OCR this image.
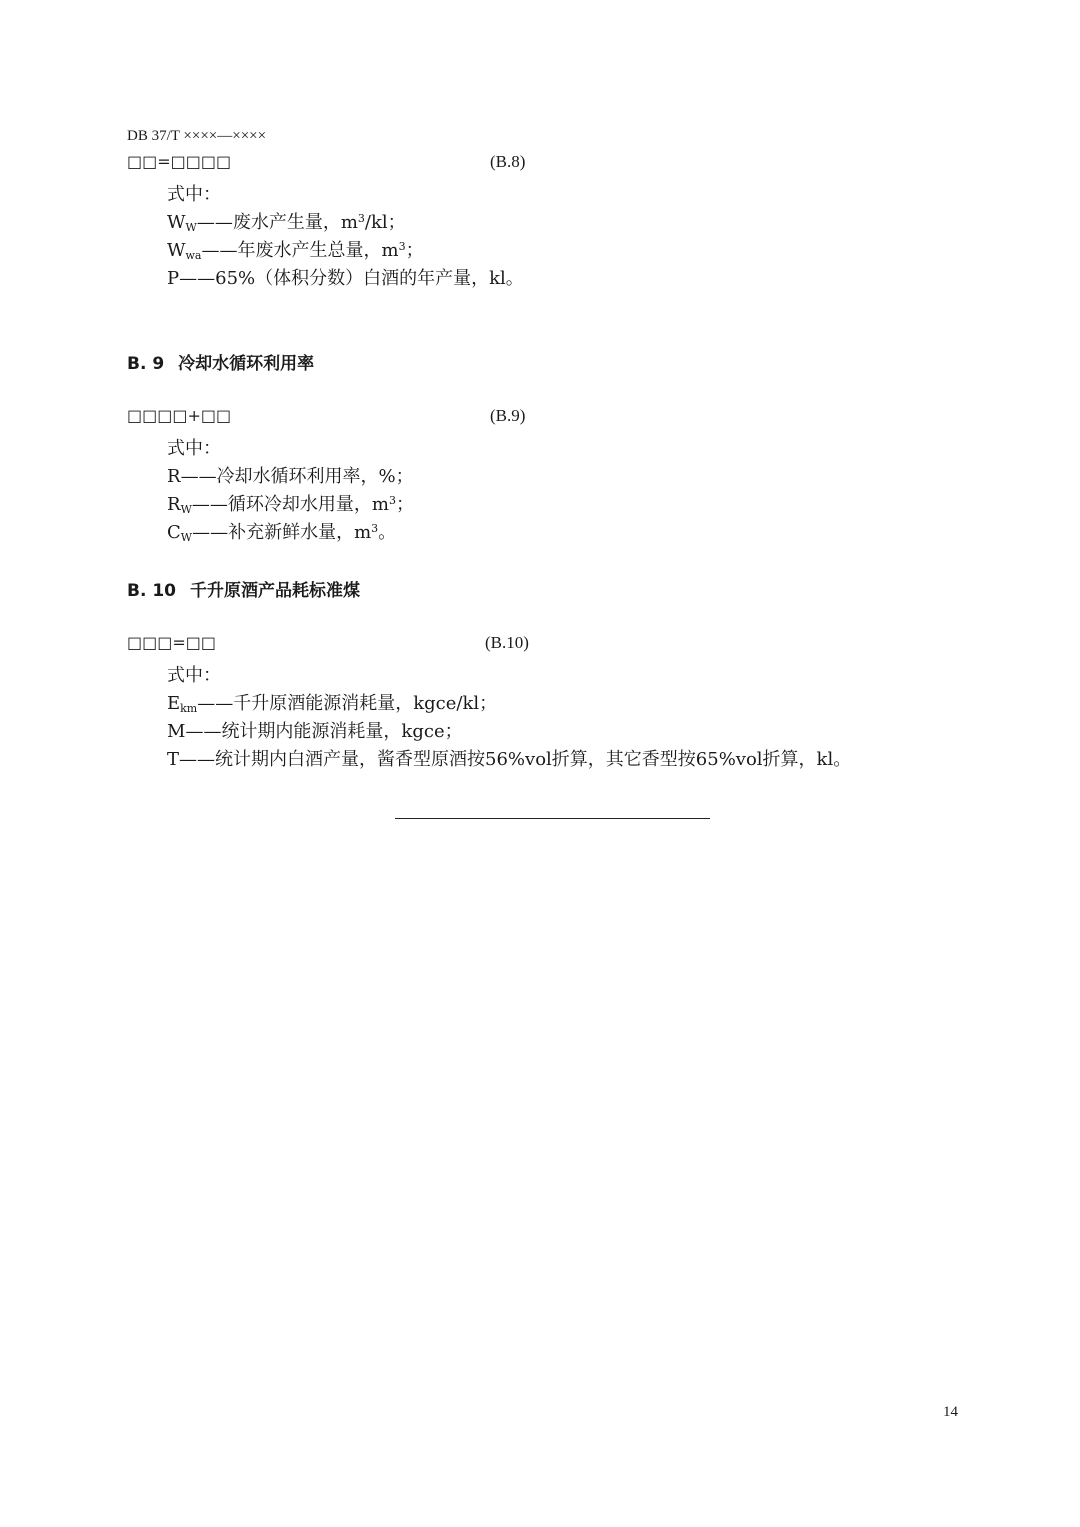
DB 37/T ××××—××××
□□=□□□□	(B.8)
式中：
$W_W——$废水产生量，$m^3/kl$；
$W_{wa}——$年废水产生总量，$m^3$；
P——65%（体积分数）白酒的年产量，kl。
B. 9 冷却水循环利用率
□□□□+□□	(B.9)
式中：
R——冷却水循环利用率，%；
$R_W——$循环冷却水用量，$m^3$；
$C_W——$补充新鲜水量，$m^3$。
B. 10 千升原酒产品耗标准煤
□□□=□□	(B.10)
式中：
$E_{km}——$千升原酒能源消耗量，kgce/kl；
M——统计期内能源消耗量，kgce；
T——统计期内白酒产量，酱香型原酒按56%vol折算，其它香型按65%vol折算，kl。
14
